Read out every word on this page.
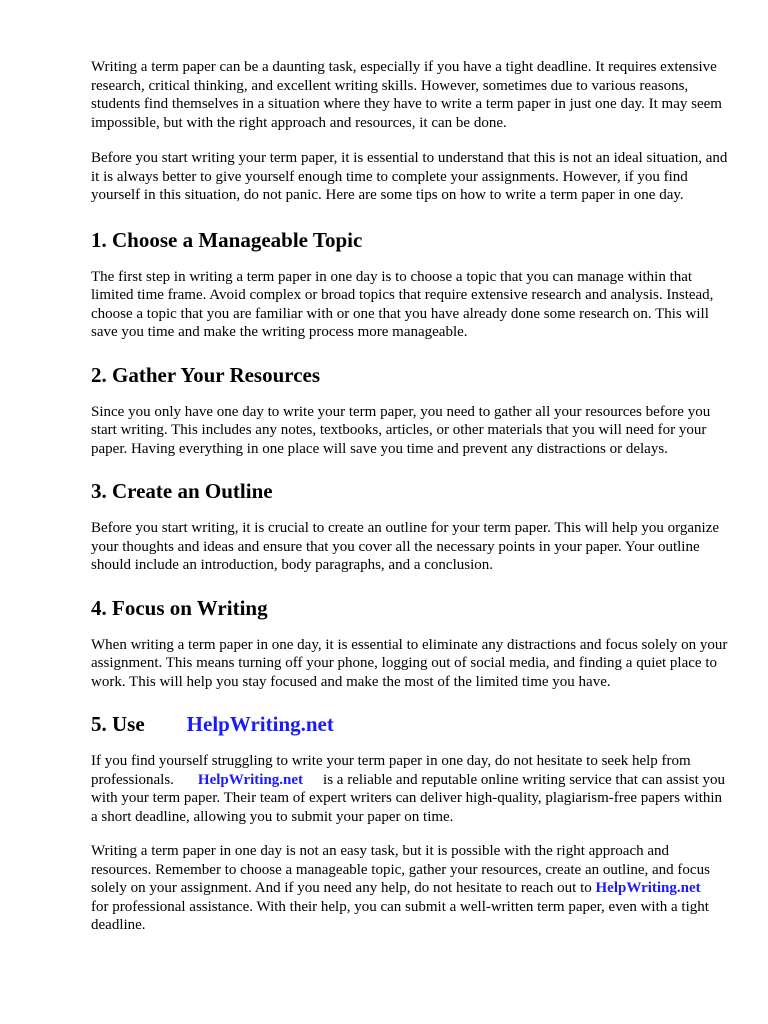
Writing a term paper can be a daunting task, especially if you have a tight deadline. It requires extensive research, critical thinking, and excellent writing skills. However, sometimes due to various reasons, students find themselves in a situation where they have to write a term paper in just one day. It may seem impossible, but with the right approach and resources, it can be done.

Before you start writing your term paper, it is essential to understand that this is not an ideal situation, and it is always better to give yourself enough time to complete your assignments. However, if you find yourself in this situation, do not panic. Here are some tips on how to write a term paper in one day.

1. Choose a Manageable Topic

The first step in writing a term paper in one day is to choose a topic that you can manage within that limited time frame. Avoid complex or broad topics that require extensive research and analysis. Instead, choose a topic that you are familiar with or one that you have already done some research on. This will save you time and make the writing process more manageable.

2. Gather Your Resources

Since you only have one day to write your term paper, you need to gather all your resources before you start writing. This includes any notes, textbooks, articles, or other materials that you will need for your paper. Having everything in one place will save you time and prevent any distractions or delays.

3. Create an Outline

Before you start writing, it is crucial to create an outline for your term paper. This will help you organize your thoughts and ideas and ensure that you cover all the necessary points in your paper. Your outline should include an introduction, body paragraphs, and a conclusion.

4. Focus on Writing

When writing a term paper in one day, it is essential to eliminate any distractions and focus solely on your assignment. This means turning off your phone, logging out of social media, and finding a quiet place to work. This will help you stay focused and make the most of the limited time you have.

5. Use HelpWriting.net

If you find yourself struggling to write your term paper in one day, do not hesitate to seek help from professionals. HelpWriting.net is a reliable and reputable online writing service that can assist you with your term paper. Their team of expert writers can deliver high-quality, plagiarism-free papers within a short deadline, allowing you to submit your paper on time.

Writing a term paper in one day is not an easy task, but it is possible with the right approach and resources. Remember to choose a manageable topic, gather your resources, create an outline, and focus solely on your assignment. And if you need any help, do not hesitate to reach out to HelpWriting.netfor professional assistance. With their help, you can submit a well-written term paper, even with a tight deadline.
